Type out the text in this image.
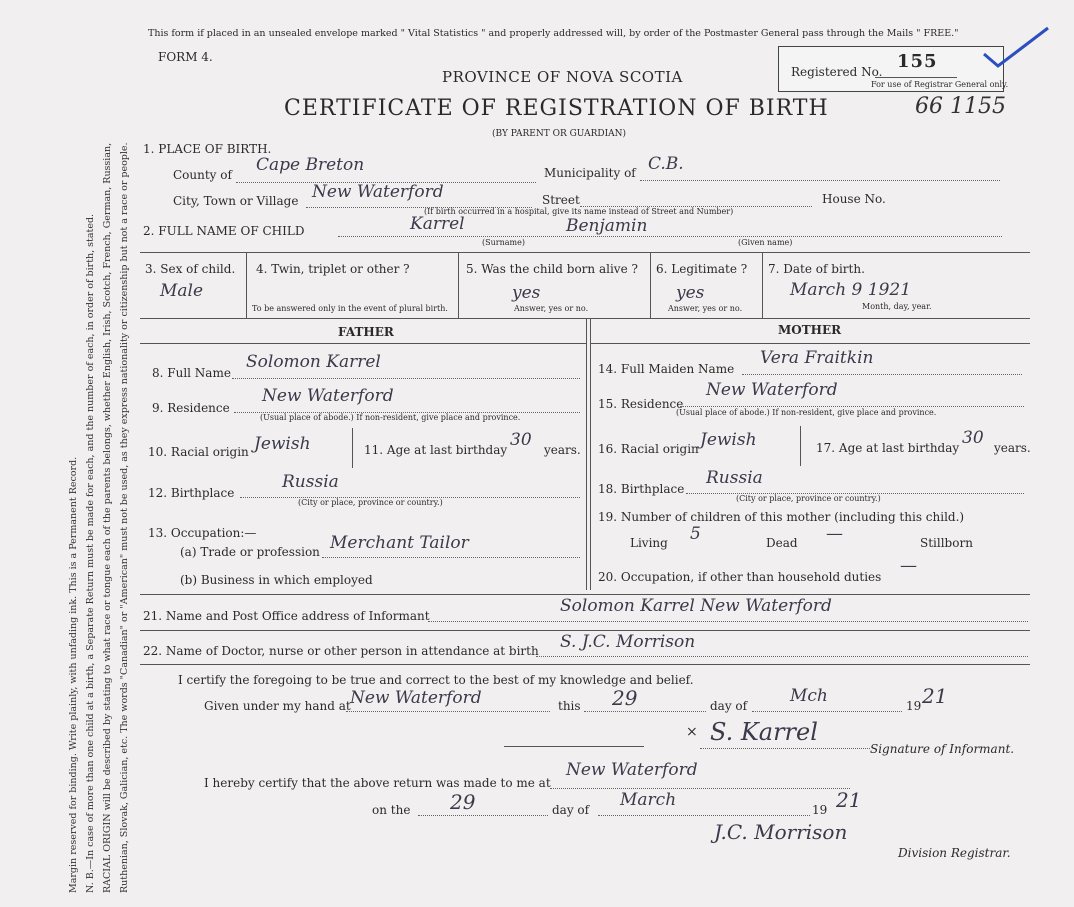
Margin reserved for binding. Write plainly, with unfading ink. This is a Permanent Record. N. B.—In case of more than one child at a birth, a Separate Return must be made for each, and the number of each, in order of birth, stated. RACIAL ORIGIN will be described by stating to what race or tongue each of the parents belongs, whether English, Irish, Scotch, French, German, Russian, Ruthenian, Slovak, Galician, etc. The words "Canadian" or "American" must not be used, as they express nationality or citizenship but not a race or people.
This form if placed in an unsealed envelope marked " Vital Statistics " and properly addressed will, by order of the Postmaster General pass through the Mails " FREE."
FORM 4.
PROVINCE OF NOVA SCOTIA
CERTIFICATE OF REGISTRATION OF BIRTH
(BY PARENT OR GUARDIAN)
Registered No. 155
For use of Registrar General only.
66 1155
1. PLACE OF BIRTH.
County of Cape Breton	Municipality of C.B.
City, Town or Village New Waterford	Street	House No.
(If birth occurred in a hospital, give its name instead of Street and Number)
2. FULL NAME OF CHILD	Karrel	Benjamin
(Surname)	(Given name)
3. Sex of child.
Male
4. Twin, triplet or other ?
To be answered only in the event of plural birth.
5. Was the child born alive ?
yes
Answer, yes or no.
6. Legitimate ?
yes
Answer, yes or no.
7. Date of birth.
March 9 1921
Month, day, year.
FATHER	MOTHER
8. Full Name
Solomon Karrel
9. Residence
New Waterford
(Usual place of abode.) If non-resident, give place and province.
10. Racial origin Jewish	11. Age at last birthday 30 years.
12. Birthplace
Russia
(City or place, province or country.)
13. Occupation:—
(a) Trade or profession Merchant Tailor
(b) Business in which employed
14. Full Maiden Name
Vera Fraitkin
15. Residence
New Waterford
(Usual place of abode.) If non-resident, give place and province.
16. Racial origin Jewish	17. Age at last birthday 30 years.
18. Birthplace
Russia
(City or place, province or country.)
19. Number of children of this mother (including this child.)
Living 5	Dead —	Stillborn
20. Occupation, if other than household duties
—
21. Name and Post Office address of Informant	Solomon Karrel New Waterford
22. Name of Doctor, nurse or other person in attendance at birth S. J.C. Morrison
I certify the foregoing to be true and correct to the best of my knowledge and belief.
Given under my hand at New Waterford	this 29	day of	Mch	19 21
× S. Karrel
Signature of Informant.
I hereby certify that the above return was made to me at
New Waterford
on the 29	day of March	19 21
J.C. Morrison
Division Registrar.
